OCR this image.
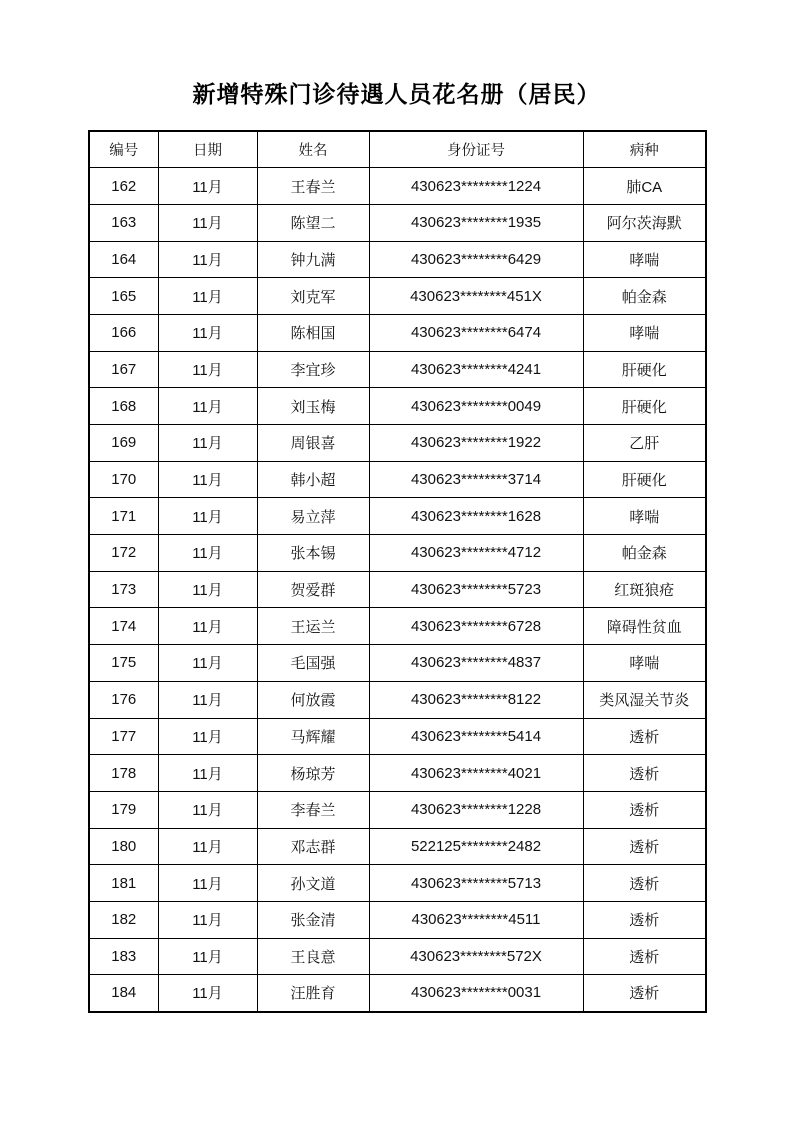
新增特殊门诊待遇人员花名册（居民）
编号	日期	姓名	身份证号	病种
162	11月	王春兰	430623********1224	肺CA
163	11月	陈望二	430623********1935	阿尔茨海默
164	11月	钟九满	430623********6429	哮喘
165	11月	刘克军	430623********451X	帕金森
166	11月	陈相国	430623********6474	哮喘
167	11月	李宜珍	430623********4241	肝硬化
168	11月	刘玉梅	430623********0049	肝硬化
169	11月	周银喜	430623********1922	乙肝
170	11月	韩小超	430623********3714	肝硬化
171	11月	易立萍	430623********1628	哮喘
172	11月	张本锡	430623********4712	帕金森
173	11月	贺爱群	430623********5723	红斑狼疮
174	11月	王运兰	430623********6728	障碍性贫血
175	11月	毛国强	430623********4837	哮喘
176	11月	何放霞	430623********8122	类风湿关节炎
177	11月	马辉耀	430623********5414	透析
178	11月	杨琼芳	430623********4021	透析
179	11月	李春兰	430623********1228	透析
180	11月	邓志群	522125********2482	透析
181	11月	孙文道	430623********5713	透析
182	11月	张金清	430623********4511	透析
183	11月	王良意	430623********572X	透析
184	11月	汪胜育	430623********0031	透析
